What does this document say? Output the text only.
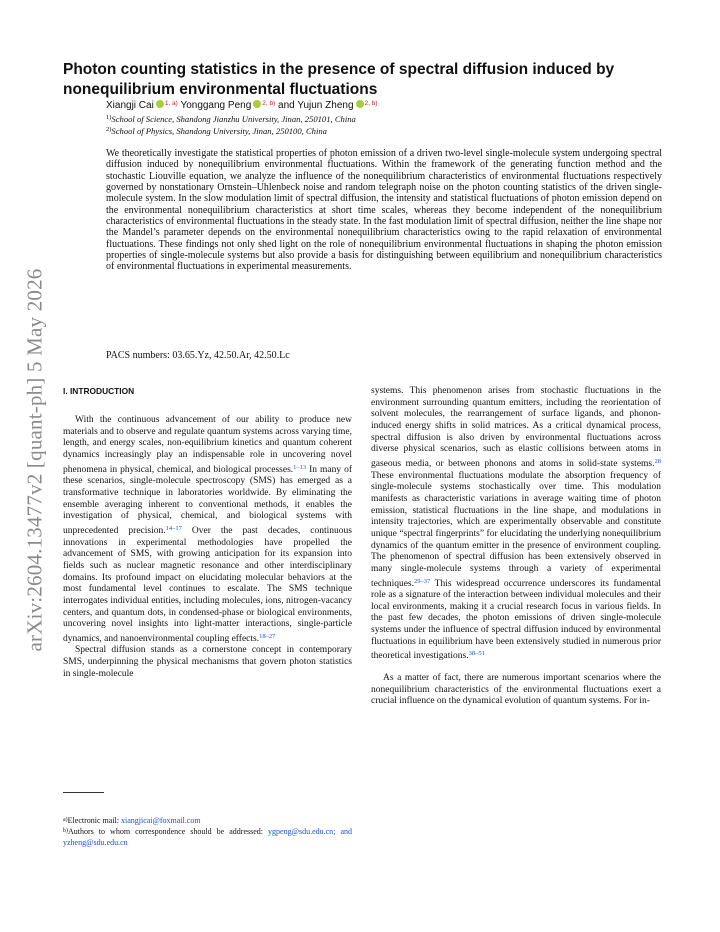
arXiv:2604.13477v2 [quant-ph] 5 May 2026
Photon counting statistics in the presence of spectral diffusion induced by nonequilibrium environmental fluctuations
Xiangji Cai $^{1, a)}$ Yonggang Peng $^{2, b)}$ and Yujun Zheng $^{2, b)}$
$^{1)}$School of Science, Shandong Jianzhu University, Jinan, 250101, China
$^{2)}$School of Physics, Shandong University, Jinan, 250100, China

We theoretically investigate the statistical properties of photon emission of a driven two-level single-molecule system undergoing spectral diffusion induced by nonequilibrium environmental fluctuations. Within the framework of the generating function method and the stochastic Liouville equation, we analyze the influence of the nonequilibrium characteristics of environmental fluctuations respectively governed by nonstationary Ornstein–Uhlenbeck noise and random telegraph noise on the photon counting statistics of the driven single-molecule system. In the slow modulation limit of spectral diffusion, the intensity and statistical fluctuations of photon emission depend on the environmental nonequilibrium characteristics at short time scales, whereas they become independent of the nonequilibrium characteristics of environmental fluctuations in the steady state. In the fast modulation limit of spectral diffusion, neither the line shape nor the Mandel’s parameter depends on the environmental nonequilibrium characteristics owing to the rapid relaxation of environmental fluctuations. These findings not only shed light on the role of nonequilibrium environmental fluctuations in shaping the photon emission properties of single-molecule systems but also provide a basis for distinguishing between equilibrium and nonequilibrium characteristics of environmental fluctuations in experimental measurements.

PACS numbers: 03.65.Yz, 42.50.Ar, 42.50.Lc
I. INTRODUCTION

With the continuous advancement of our ability to produce new materials and to observe and regulate quantum systems across varying time, length, and energy scales, non-equilibrium kinetics and quantum coherent dynamics increasingly play an indispensable role in uncovering novel phenomena in physical, chemical, and biological processes.$^{1-13}$ In many of these scenarios, single-molecule spectroscopy (SMS) has emerged as a transformative technique in laboratories worldwide. By eliminating the ensemble averaging inherent to conventional methods, it enables the investigation of physical, chemical, and biological systems with unprecedented precision.$^{14-17}$ Over the past decades, continuous innovations in experimental methodologies have propelled the advancement of SMS, with growing anticipation for its expansion into fields such as nuclear magnetic resonance and other interdisciplinary domains. Its profound impact on elucidating molecular behaviors at the most fundamental level continues to escalate. The SMS technique interrogates individual entities, including molecules, ions, nitrogen-vacancy centers, and quantum dots, in condensed-phase or biological environments, uncovering novel insights into light-matter interactions, single-particle dynamics, and nanoenvironmental coupling effects.$^{18-27}$

Spectral diffusion stands as a cornerstone concept in contemporary SMS, underpinning the physical mechanisms that govern photon statistics in single-molecule

systems. This phenomenon arises from stochastic fluctuations in the environment surrounding quantum emitters, including the reorientation of solvent molecules, the rearrangement of surface ligands, and phonon-induced energy shifts in solid matrices. As a critical dynamical process, spectral diffusion is also driven by environmental fluctuations across diverse physical scenarios, such as elastic collisions between atoms in gaseous media, or between phonons and atoms in solid-state systems.$^{28}$ These environmental fluctuations modulate the absorption frequency of single-molecule systems stochastically over time. This modulation manifests as characteristic variations in average waiting time of photon emission, statistical fluctuations in the line shape, and modulations in intensity trajectories, which are experimentally observable and constitute unique “spectral fingerprints” for elucidating the underlying nonequilibrium dynamics of the quantum emitter in the presence of environment coupling. The phenomenon of spectral diffusion has been extensively observed in many single-molecule systems through a variety of experimental techniques.$^{29-37}$ This widespread occurrence underscores its fundamental role as a signature of the interaction between individual molecules and their local environments, making it a crucial research focus in various fields. In the past few decades, the photon emissions of driven single-molecule systems under the influence of spectral diffusion induced by environmental fluctuations in equilibrium have been extensively studied in numerous prior theoretical investigations.$^{38-51}$

As a matter of fact, there are numerous important scenarios where the nonequilibrium characteristics of the environmental fluctuations exert a crucial influence on the dynamical evolution of quantum systems. For in-

$^{a)}$Electronic mail: xiangjicai@foxmail.com
$^{b)}$Authors to whom correspondence should be addressed: ygpeng@sdu.edu.cn; and yzheng@sdu.edu.cn
